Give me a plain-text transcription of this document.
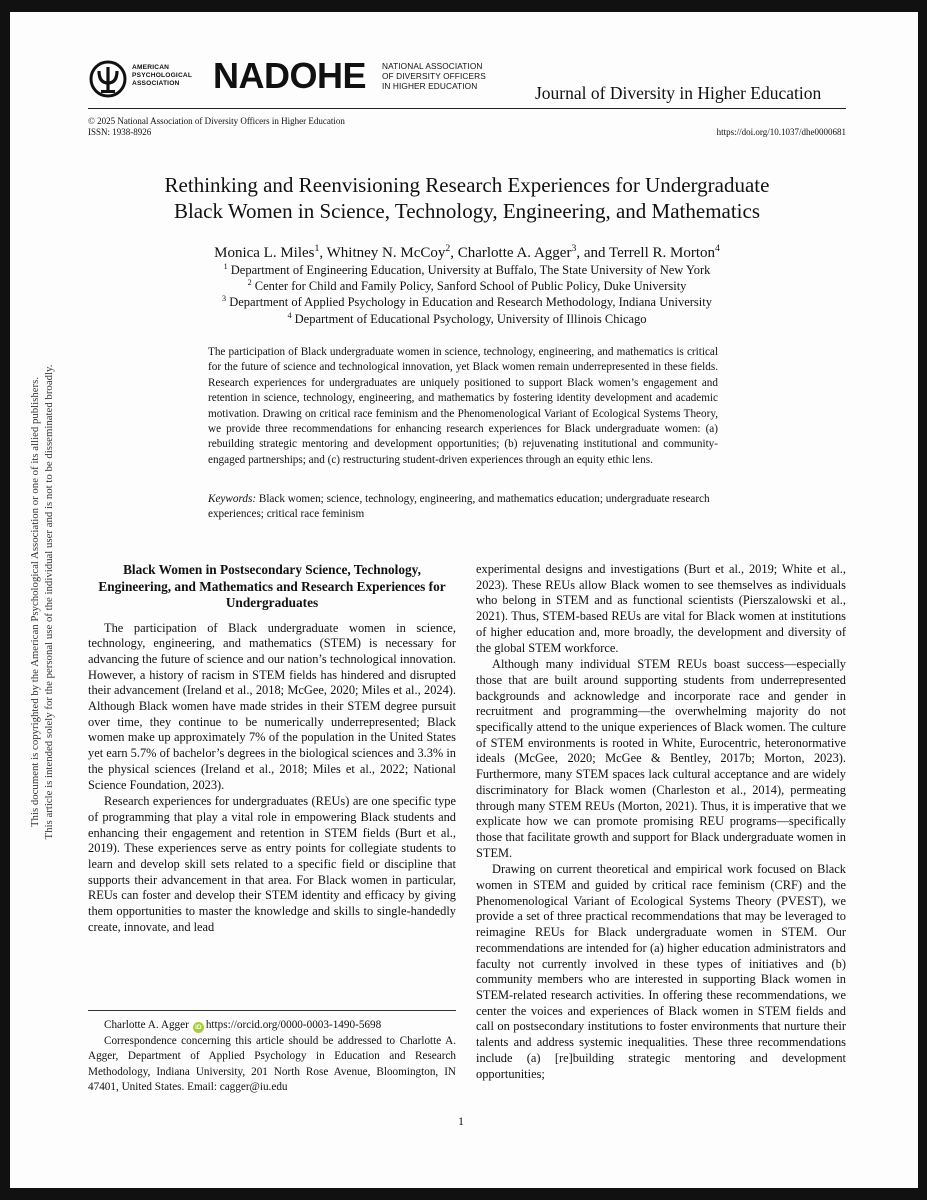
AMERICAN
PSYCHOLOGICAL
ASSOCIATION NADOHE NATIONAL ASSOCIATION
OF DIVERSITY OFFICERS
IN HIGHER EDUCATION	Journal of Diversity in Higher Education
© 2025 National Association of Diversity Officers in Higher Education
ISSN: 1938-8926	https://doi.org/10.1037/dhe0000681
Rethinking and Reenvisioning Research Experiences for Undergraduate
Black Women in Science, Technology, Engineering, and Mathematics
Monica L. Miles$^1$, Whitney N. McCoy$^2$, Charlotte A. Agger$^3$, and Terrell R. Morton$^4$
$^1$ Department of Engineering Education, University at Buffalo, The State University of New York
$^2$ Center for Child and Family Policy, Sanford School of Public Policy, Duke University
$^3$ Department of Applied Psychology in Education and Research Methodology, Indiana University
$^4$ Department of Educational Psychology, University of Illinois Chicago
The participation of Black undergraduate women in science, technology, engineering, and mathematics is critical for the future of science and technological innovation, yet Black women remain underrepresented in these fields. Research experiences for undergraduates are uniquely positioned to support Black women’s engagement and retention in science, technology, engineering, and mathematics by fostering identity development and academic motivation. Drawing on critical race feminism and the Phenomenological Variant of Ecological Systems Theory, we provide three recommendations for enhancing research experiences for Black undergraduate women: (a) rebuilding strategic mentoring and development opportunities; (b) rejuvenating institutional and community-engaged partnerships; and (c) restructuring student-driven experiences through an equity ethic lens.
Keywords: Black women; science, technology, engineering, and mathematics education; undergraduate research experiences; critical race feminism
This document is copyrighted by the American Psychological Association or one of its allied publishers. This article is intended solely for the personal use of the individual user and is not to be disseminated broadly.	Black Women in Postsecondary Science, Technology, Engineering, and Mathematics and Research Experiences for Undergraduates

The participation of Black undergraduate women in science, technology, engineering, and mathematics (STEM) is necessary for advancing the future of science and our nation’s technological innovation. However, a history of racism in STEM fields has hindered and disrupted their advancement (Ireland et al., 2018; McGee, 2020; Miles et al., 2024). Although Black women have made strides in their STEM degree pursuit over time, they continue to be numerically underrepresented; Black women make up approximately 7% of the population in the United States yet earn 5.7% of bachelor’s degrees in the biological sciences and 3.3% in the physical sciences (Ireland et al., 2018; Miles et al., 2022; National Science Foundation, 2023).

Research experiences for undergraduates (REUs) are one specific type of programming that play a vital role in empowering Black students and enhancing their engagement and retention in STEM fields (Burt et al., 2019). These experiences serve as entry points for collegiate students to learn and develop skill sets related to a specific field or discipline that supports their advancement in that area. For Black women in particular, REUs can foster and develop their STEM identity and efficacy by giving them opportunities to master the knowledge and skills to single-handedly create, innovate, and lead

experimental designs and investigations (Burt et al., 2019; White et al., 2023). These REUs allow Black women to see themselves as individuals who belong in STEM and as functional scientists (Pierszalowski et al., 2021). Thus, STEM-based REUs are vital for Black women at institutions of higher education and, more broadly, the development and diversity of the global STEM workforce.

Although many individual STEM REUs boast success—especially those that are built around supporting students from underrepresented backgrounds and acknowledge and incorporate race and gender in recruitment and programming—the overwhelming majority do not specifically attend to the unique experiences of Black women. The culture of STEM environments is rooted in White, Eurocentric, heteronormative ideals (McGee, 2020; McGee & Bentley, 2017b; Morton, 2023). Furthermore, many STEM spaces lack cultural acceptance and are widely discriminatory for Black women (Charleston et al., 2014), permeating through many STEM REUs (Morton, 2021). Thus, it is imperative that we explicate how we can promote promising REU programs—specifically those that facilitate growth and support for Black undergraduate women in STEM.

Drawing on current theoretical and empirical work focused on Black women in STEM and guided by critical race feminism (CRF) and the Phenomenological Variant of Ecological Systems Theory (PVEST), we provide a set of three practical recommendations that may be leveraged to reimagine REUs for Black undergraduate women in STEM. Our recommendations are intended for (a) higher education administrators and faculty not currently involved in these types of initiatives and (b) community members who are interested in supporting Black women in STEM-related research activities. In offering these recommendations, we center the voices and experiences of Black women in STEM fields and call on postsecondary institutions to foster environments that nurture their talents and address systemic inequalities. These three recommendations include (a) [re]building strategic mentoring and development opportunities;

Charlotte A. Agger iD https://orcid.org/0000-0003-1490-5698
Correspondence concerning this article should be addressed to Charlotte A. Agger, Department of Applied Psychology in Education and Research Methodology, Indiana University, 201 North Rose Avenue, Bloomington, IN 47401, United States. Email: cagger@iu.edu
1
